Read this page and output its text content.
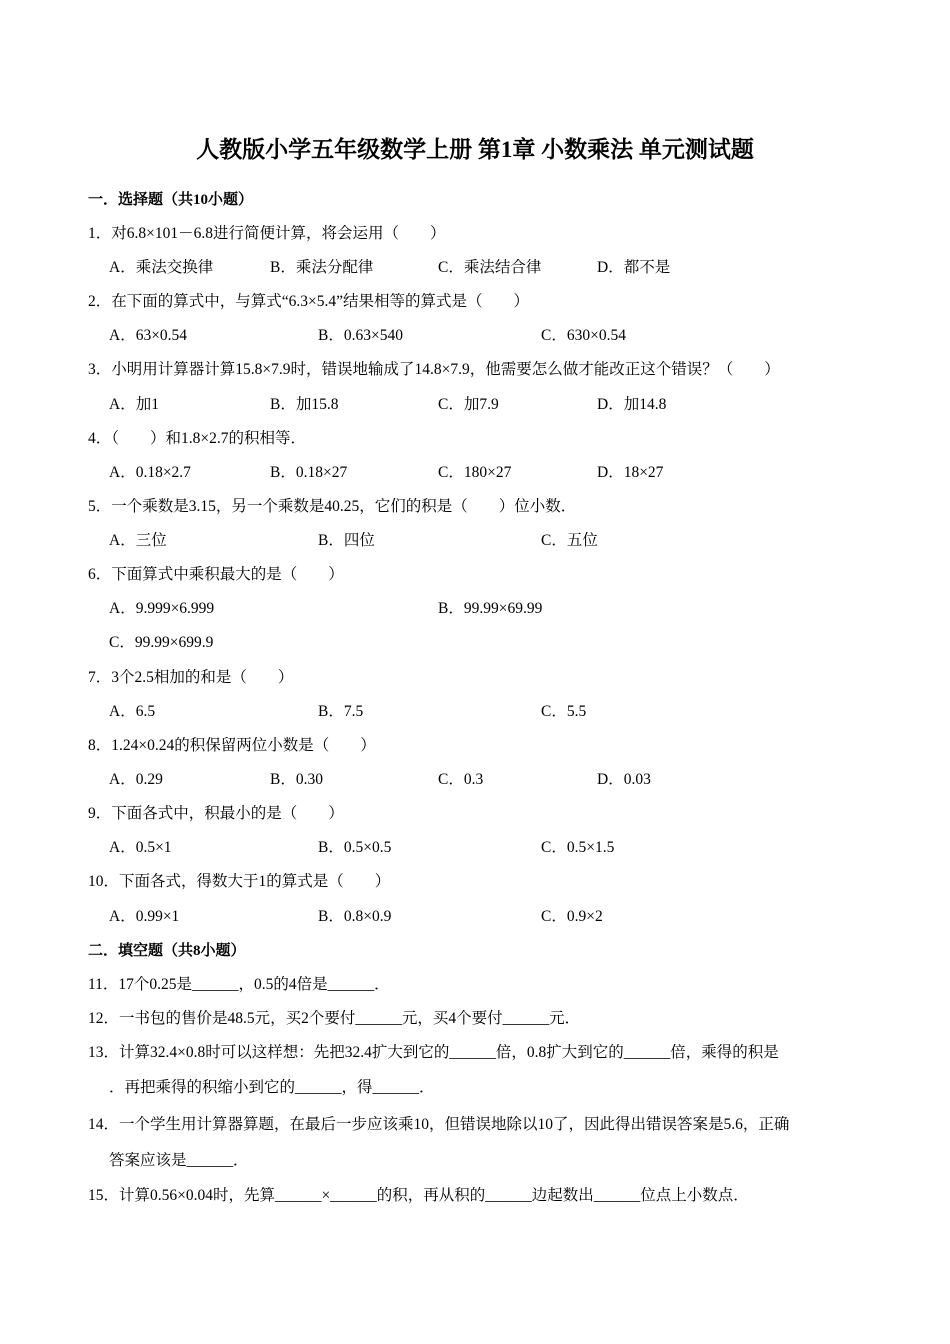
人教版小学五年级数学上册 第1章 小数乘法 单元测试题
一．选择题（共10小题）
1．对6.8×101－6.8进行简便计算，将会运用（　　）
A．乘法交换律	B．乘法分配律	C．乘法结合律	D．都不是
2．在下面的算式中，与算式“6.3×5.4”结果相等的算式是（　　）
A．63×0.54	B．0.63×540	C．630×0.54
3．小明用计算器计算15.8×7.9时，错误地输成了14.8×7.9，他需要怎么做才能改正这个错误？（　　）
A．加1	B．加15.8	C．加7.9	D．加14.8
4．（　　）和1.8×2.7的积相等．
A．0.18×2.7	B．0.18×27	C．180×27	D．18×27
5．一个乘数是3.15，另一个乘数是40.25，它们的积是（　　）位小数．
A．三位	B．四位	C．五位
6．下面算式中乘积最大的是（　　）
A．9.999×6.999	B．99.99×69.99
C．99.99×699.9
7．3个2.5相加的和是（　　）
A．6.5	B．7.5	C．5.5
8．1.24×0.24的积保留两位小数是（　　）
A．0.29	B．0.30	C．0.3	D．0.03
9．下面各式中，积最小的是（　　）
A．0.5×1	B．0.5×0.5	C．0.5×1.5
10．下面各式，得数大于1的算式是（　　）
A．0.99×1	B．0.8×0.9	C．0.9×2
二．填空题（共8小题）
11．17个0.25是______，0.5的4倍是______．
12．一书包的售价是48.5元，买2个要付______元，买4个要付______元．
13．计算32.4×0.8时可以这样想：先把32.4扩大到它的______倍，0.8扩大到它的______倍，乘得的积是
．再把乘得的积缩小到它的______，得______．
14．一个学生用计算器算题，在最后一步应该乘10，但错误地除以10了，因此得出错误答案是5.6，正确
答案应该是______．
15．计算0.56×0.04时，先算______×______的积，再从积的______边起数出______位点上小数点．
